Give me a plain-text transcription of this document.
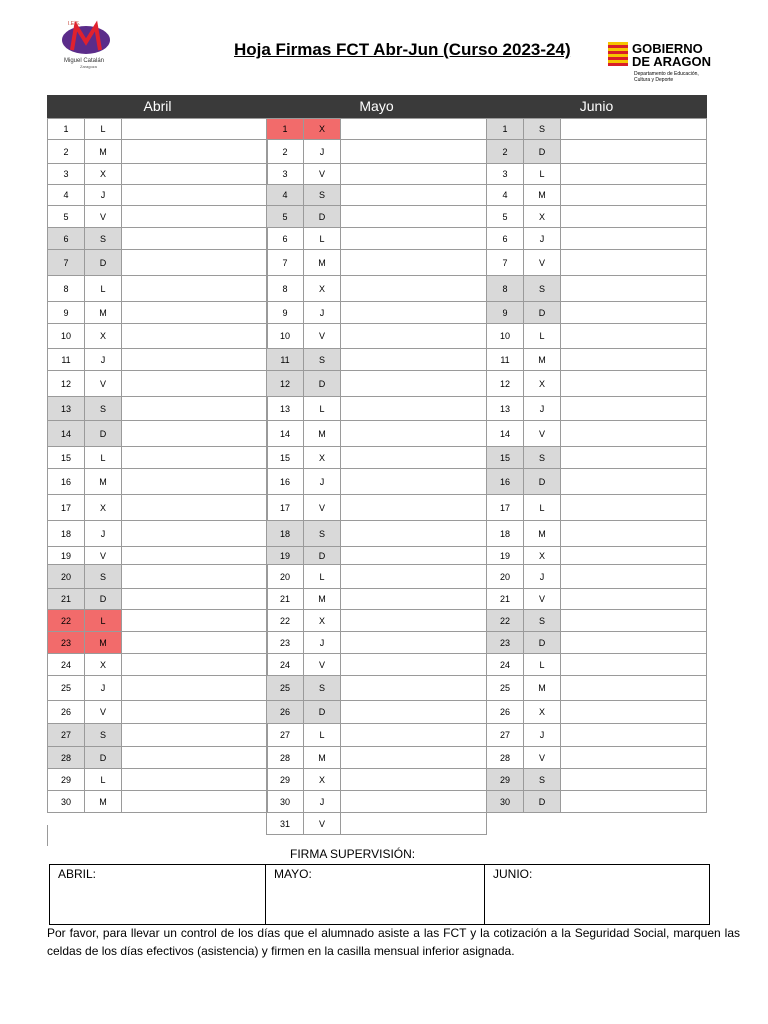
I.E.S.
Miguel Catalán
Zaragoza
Hoja Firmas FCT Abr-Jun (Curso 2023-24)	GOBIERNO
DE ARAGON
Departamento de Educación,
Cultura y Deporte
Abril
1	L	
2	M	
3	X	
4	J	
5	V	
6	S	
7	D	
8	L	
9	M	
10	X	
11	J	
12	V	
13	S	
14	D	
15	L	
16	M	
17	X	
18	J	
19	V	
20	S	
21	D	
22	L	
23	M	
24	X	
25	J	
26	V	
27	S	
28	D	
29	L	
30	M	
Mayo
1	X	
2	J	
3	V	
4	S	
5	D	
6	L	
7	M	
8	X	
9	J	
10	V	
11	S	
12	D	
13	L	
14	M	
15	X	
16	J	
17	V	
18	S	
19	D	
20	L	
21	M	
22	X	
23	J	
24	V	
25	S	
26	D	
27	L	
28	M	
29	X	
30	J	
31	V	
Junio
1	S	
2	D	
3	L	
4	M	
5	X	
6	J	
7	V	
8	S	
9	D	
10	L	
11	M	
12	X	
13	J	
14	V	
15	S	
16	D	
17	L	
18	M	
19	X	
20	J	
21	V	
22	S	
23	D	
24	L	
25	M	
26	X	
27	J	
28	V	
29	S	
30	D	
FIRMA SUPERVISIÓN:
ABRIL:	MAYO:	JUNIO:
Por favor, para llevar un control de los días que el alumnado asiste a las FCT y la cotización a la Seguridad Social, marquen las celdas de los días efectivos (asistencia) y firmen en la casilla mensual inferior asignada.
